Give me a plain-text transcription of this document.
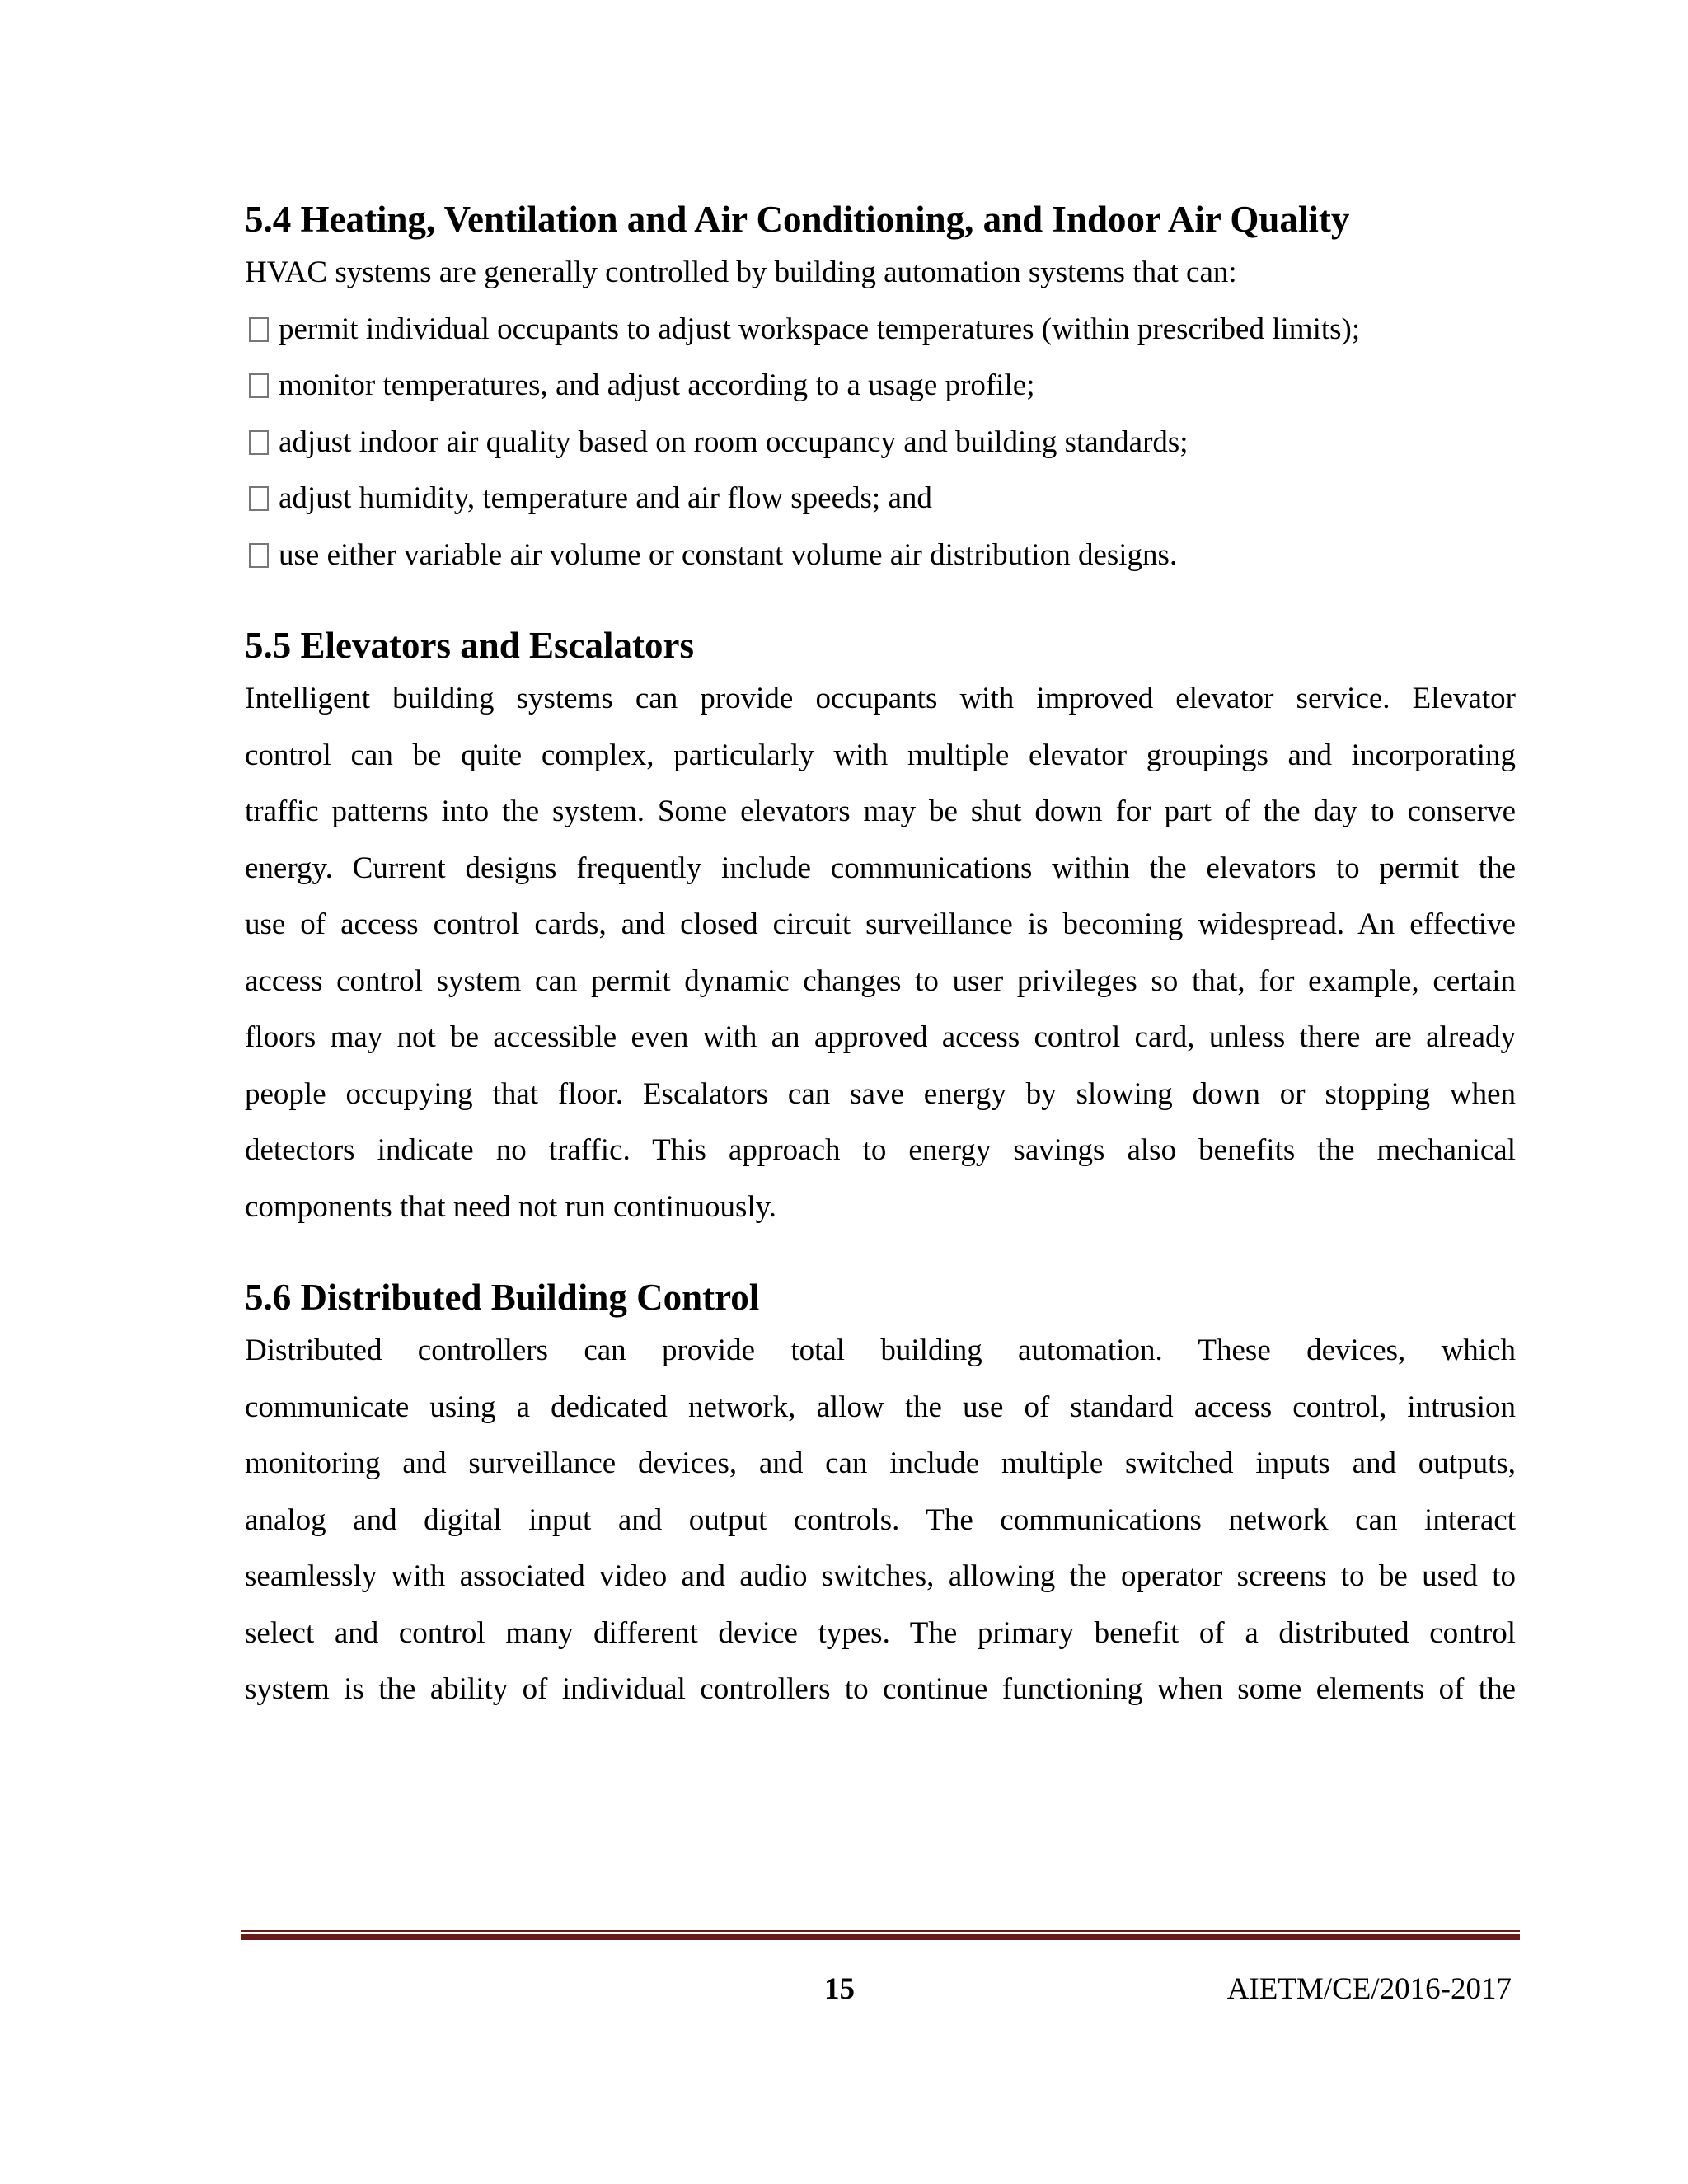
5.4 Heating, Ventilation and Air Conditioning, and Indoor Air Quality

HVAC systems are generally controlled by building automation systems that can:

permit individual occupants to adjust workspace temperatures (within prescribed limits);
monitor temperatures, and adjust according to a usage profile;
adjust indoor air quality based on room occupancy and building standards;
adjust humidity, temperature and air flow speeds; and
use either variable air volume or constant volume air distribution designs.
5.5 Elevators and Escalators
Intelligent building systems can provide occupants with improved elevator service. Elevator
control can be quite complex, particularly with multiple elevator groupings and incorporating
traffic patterns into the system. Some elevators may be shut down for part of the day to conserve
energy. Current designs frequently include communications within the elevators to permit the
use of access control cards, and closed circuit surveillance is becoming widespread. An effective
access control system can permit dynamic changes to user privileges so that, for example, certain
floors may not be accessible even with an approved access control card, unless there are already
people occupying that floor. Escalators can save energy by slowing down or stopping when
detectors indicate no traffic. This approach to energy savings also benefits the mechanical
components that need not run continuously.
5.6 Distributed Building Control
Distributed controllers can provide total building automation. These devices, which
communicate using a dedicated network, allow the use of standard access control, intrusion
monitoring and surveillance devices, and can include multiple switched inputs and outputs,
analog and digital input and output controls. The communications network can interact
seamlessly with associated video and audio switches, allowing the operator screens to be used to
select and control many different device types. The primary benefit of a distributed control
system is the ability of individual controllers to continue functioning when some elements of the
15	AIETM/CE/2016-2017
